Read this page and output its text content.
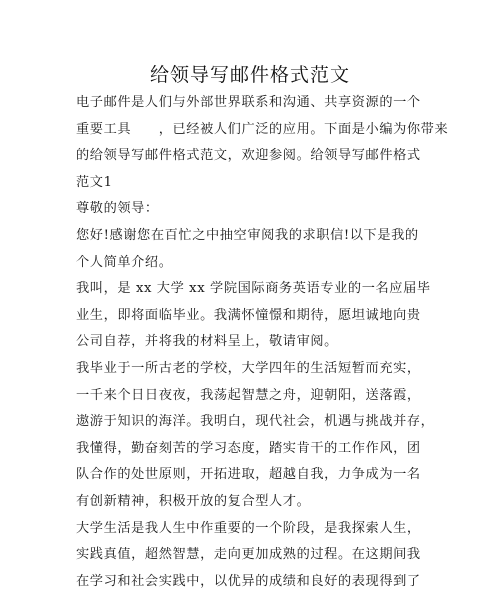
给领导写邮件格式范文
电子邮件是人们与外部世界联系和沟通、共享资源的一个
重要工具　　，已经被人们广泛的应用。下面是小编为你带来
的给领导写邮件格式范文，欢迎参阅。给领导写邮件格式
范文1
尊敬的领导：
您好!感谢您在百忙之中抽空审阅我的求职信!以下是我的
个人简单介绍。
我叫，是 xx 大学 xx 学院国际商务英语专业的一名应届毕
业生，即将面临毕业。我满怀憧憬和期待，愿坦诚地向贵
公司自荐，并将我的材料呈上，敬请审阅。
我毕业于一所古老的学校，大学四年的生活短暂而充实，
一千来个日日夜夜，我荡起智慧之舟，迎朝阳，送落霞，
遨游于知识的海洋。我明白，现代社会，机遇与挑战并存，
我懂得，勤奋刻苦的学习态度，踏实肯干的工作作风，团
队合作的处世原则，开拓进取，超越自我，力争成为一名
有创新精神，积极开放的复合型人才。
大学生活是我人生中作重要的一个阶段，是我探索人生，
实践真值，超然智慧，走向更加成熟的过程。在这期间我
在学习和社会实践中，以优异的成绩和良好的表现得到了
